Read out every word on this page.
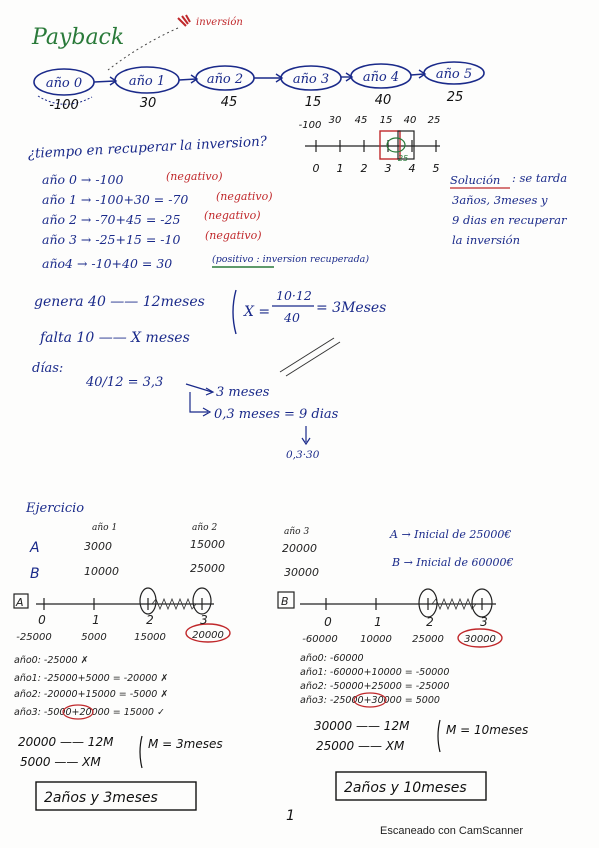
Payback
inversión
año 0	año 1	año 2	año 3	año 4	año 5
-100	30	45	15	40	25
¿tiempo en recuperar la inversion?	25
-100 30 45 15 40 25
0 1 2 3 4 5
año 0 → -100
año 1 → -100+30 = -70
año 2 → -70+45 = -25
año 3 → -25+15 = -10
año4 → -10+40 = 30
(negativo)
(negativo)
(negativo)
(negativo)
(positivo : inversion recuperada)
Solución : se tarda
3años, 3meses y
9 dias en recuperar
la inversión
genera 40 —— 12meses
falta 10 —— X meses
X =
10·12
40
= 3Meses
días:
40/12 = 3,3
3 meses
0,3 meses = 9 dias
0,3·30
Ejercicio
año 1	año 2	año 3
A	3000	15000	20000
B	10000	25000	30000
A → Inicial de 25000€
B → Inicial de 60000€
A
0	1	2	3
-25000	5000	15000	20000
año0: -25000 ✗
año1: -25000+5000 = -20000 ✗
año2: -20000+15000 = -5000 ✗
año3: -5000+20000 = 15000 ✓
20000 —— 12M
5000 —— XM
M = 3meses
2años y 3meses
B
0	1	2	3
-60000 10000 25000 30000
año0: -60000
año1: -60000+10000 = -50000
año2: -50000+25000 = -25000
año3: -25000+30000 = 5000
30000 —— 12M
25000 —— XM
M = 10meses
2años y 10meses
1
Escaneado con CamScanner
